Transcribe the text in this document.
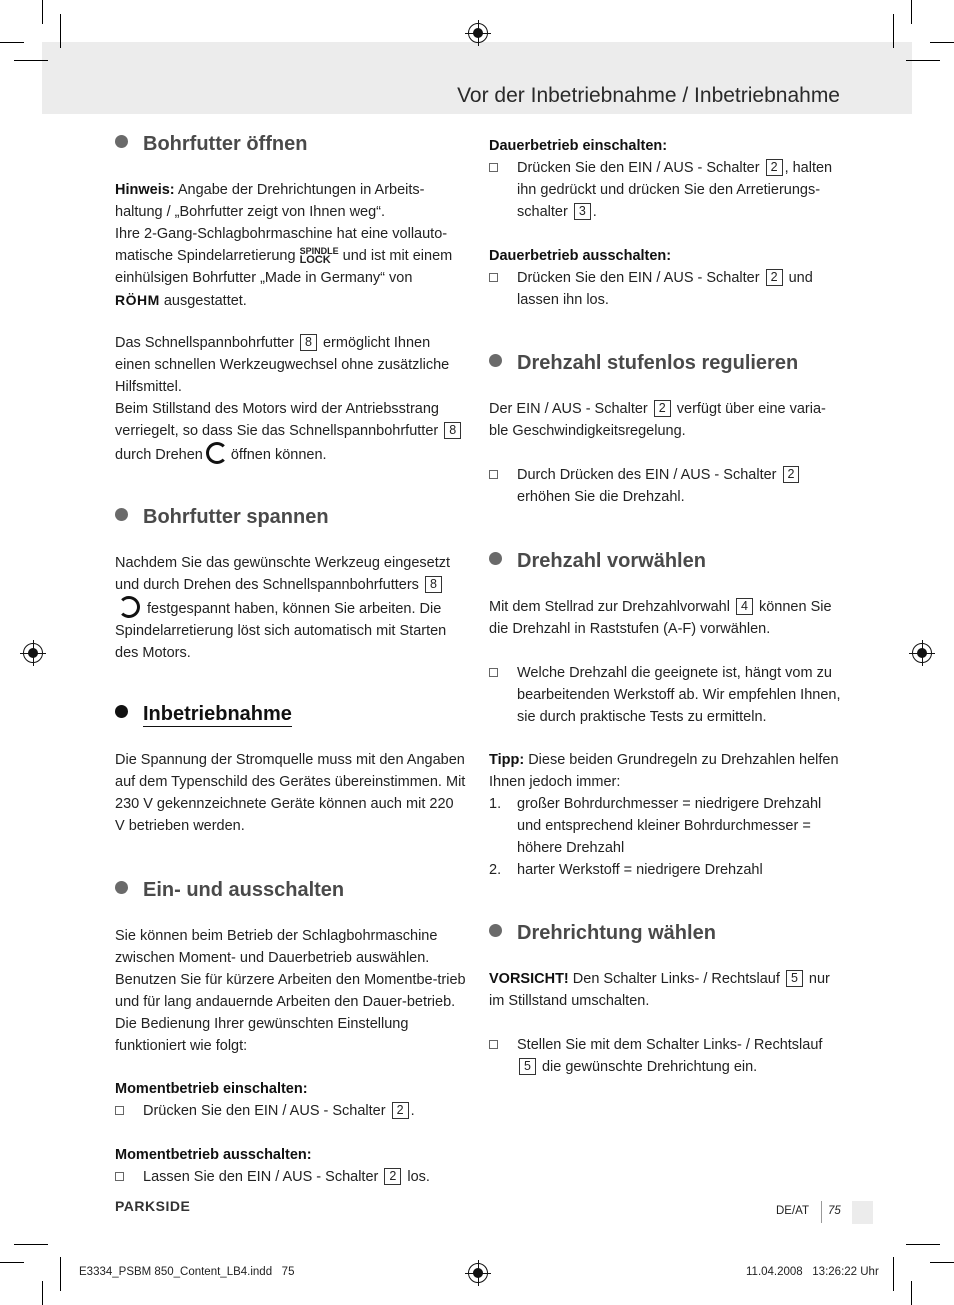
Vor der Inbetriebnahme / Inbetriebnahme
Bohrfutter öffnen
Hinweis: Angabe der Drehrichtungen in Arbeits-haltung / „Bohrfutter zeigt von Ihnen weg“.
Ihre 2-Gang-Schlagbohrmaschine hat eine vollauto-matische Spindelarretierung SPINDLE
LOCK und ist mit einem einhülsigen Bohrfutter „Made in Germany“ von
RÖHM ausgestattet.
Das Schnellspannbohrfutter 8 ermöglicht Ihnen einen schnellen Werkzeugwechsel ohne zusätzliche Hilfsmittel.
Beim Stillstand des Motors wird der Antriebsstrang verriegelt, so dass Sie das Schnellspannbohrfutter 8 durch Drehen öffnen können.
Bohrfutter spannen
Nachdem Sie das gewünschte Werkzeug eingesetzt und durch Drehen des Schnellspannbohrfutters 8
festgespannt haben, können Sie arbeiten. Die Spindelarretierung löst sich automatisch mit Starten des Motors.
Inbetriebnahme
Die Spannung der Stromquelle muss mit den Angaben auf dem Typenschild des Gerätes übereinstimmen. Mit 230 V gekennzeichnete Geräte können auch mit 220 V betrieben werden.
Ein- und ausschalten
Sie können beim Betrieb der Schlagbohrmaschine zwischen Moment- und Dauerbetrieb auswählen. Benutzen Sie für kürzere Arbeiten den Momentbe-trieb und für lang andauernde Arbeiten den Dauer-betrieb. Die Bedienung Ihrer gewünschten Einstellung funktioniert wie folgt:
Momentbetrieb einschalten:
Drücken Sie den EIN / AUS - Schalter 2 .
Momentbetrieb ausschalten:
Lassen Sie den EIN / AUS - Schalter 2 los.
Dauerbetrieb einschalten:
Drücken Sie den EIN / AUS - Schalter 2 , halten ihn gedrückt und drücken Sie den Arretierungs-schalter 3 .
Dauerbetrieb ausschalten:
Drücken Sie den EIN / AUS - Schalter 2 und lassen ihn los.
Drehzahl stufenlos regulieren
Der EIN / AUS - Schalter 2 verfügt über eine varia-ble Geschwindigkeitsregelung.
Durch Drücken des EIN / AUS - Schalter 2 erhöhen Sie die Drehzahl.
Drehzahl vorwählen
Mit dem Stellrad zur Drehzahlvorwahl 4 können Sie die Drehzahl in Raststufen (A-F) vorwählen.
Welche Drehzahl die geeignete ist, hängt vom zu bearbeitenden Werkstoff ab. Wir empfehlen Ihnen, sie durch praktische Tests zu ermitteln.
Tipp: Diese beiden Grundregeln zu Drehzahlen helfen Ihnen jedoch immer:
1.	großer Bohrdurchmesser = niedrigere Drehzahl und entsprechend kleiner Bohrdurchmesser = höhere Drehzahl
2.	harter Werkstoff = niedrigere Drehzahl
Drehrichtung wählen
VORSICHT! Den Schalter Links- / Rechtslauf 5 nur im Stillstand umschalten.
Stellen Sie mit dem Schalter Links- / Rechtslauf 5 die gewünschte Drehrichtung ein.
PARKSIDE	DE/AT 75
E3334_PSBM 850_Content_LB4.indd   75	11.04.2008   13:26:22 Uhr
